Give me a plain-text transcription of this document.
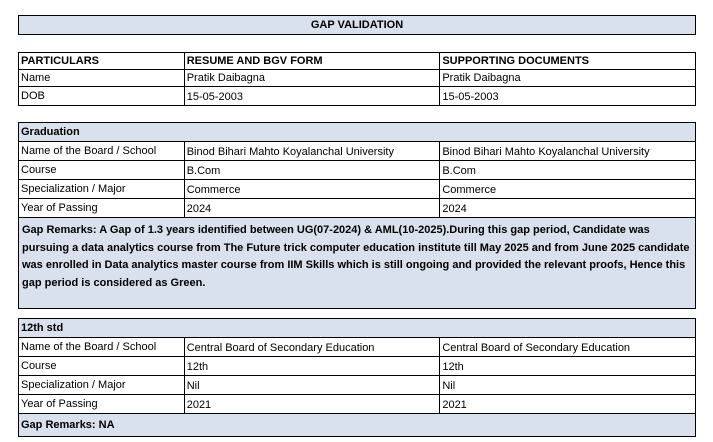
GAP VALIDATION
PARTICULARS	RESUME AND BGV FORM	SUPPORTING DOCUMENTS
Name	Pratik Daibagna	Pratik Daibagna
DOB	15-05-2003	15-05-2003
Graduation		
Name of the Board / School	Binod Bihari Mahto Koyalanchal University	Binod Bihari Mahto Koyalanchal University
Course	B.Com	B.Com
Specialization / Major	Commerce	Commerce
Year of Passing	2024	2024
Gap Remarks: A Gap of 1.3 years identified between UG(07-2024) & AML(10-2025).During this gap period, Candidate was pursuing a data analytics course from The Future trick computer education institute till May 2025 and from June 2025 candidate was enrolled in Data analytics master course from IIM Skills which is still ongoing and provided the relevant proofs, Hence this gap period is considered as Green.		
12th std		
Name of the Board / School	Central Board of Secondary Education	Central Board of Secondary Education
Course	12th	12th
Specialization / Major	Nil	Nil
Year of Passing	2021	2021
Gap Remarks: NA		
